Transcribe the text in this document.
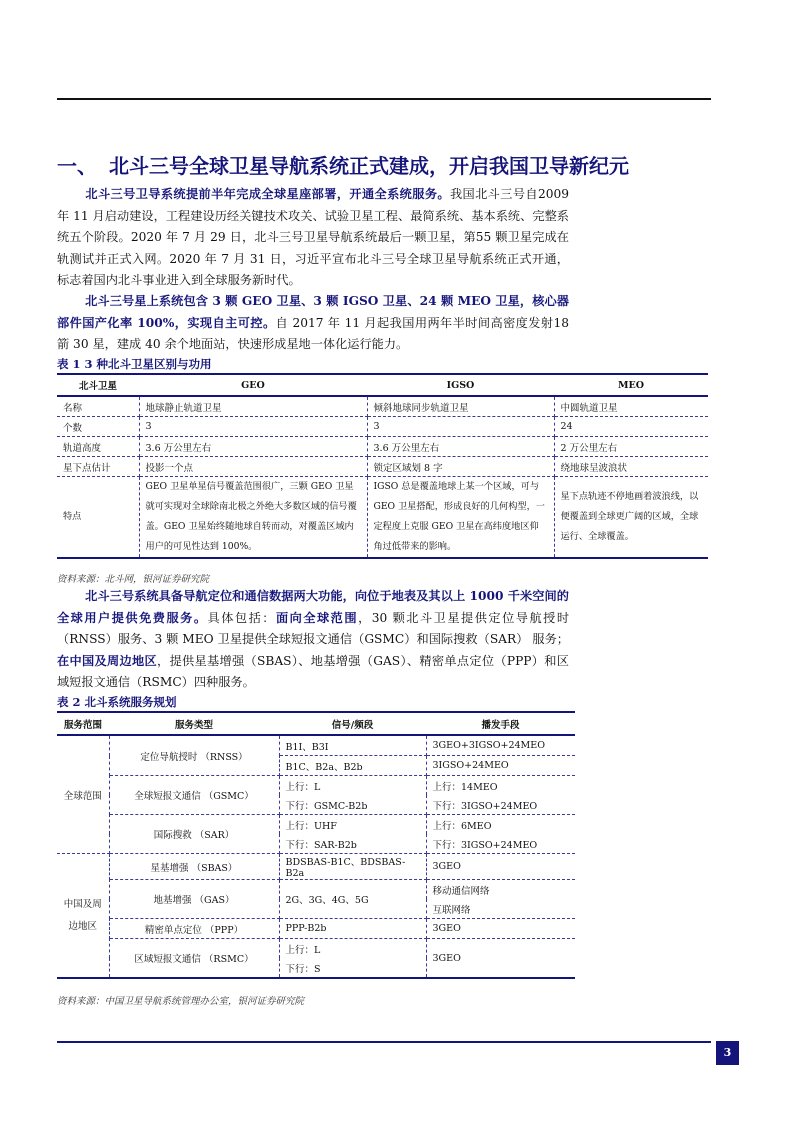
一、 北斗三号全球卫星导航系统正式建成，开启我国卫导新纪元

北斗三号卫导系统提前半年完成全球星座部署，开通全系统服务。我国北斗三号自2009 年 11 月启动建设，工程建设历经关键技术攻关、试验卫星工程、最简系统、基本系统、完整系统五个阶段。2020 年 7 月 29 日，北斗三号卫星导航系统最后一颗卫星，第55 颗卫星完成在轨测试并正式入网。2020 年 7 月 31 日，习近平宣布北斗三号全球卫星导航系统正式开通，标志着国内北斗事业进入到全球服务新时代。

北斗三号星上系统包含 3 颗 GEO 卫星、3 颗 IGSO 卫星、24 颗 MEO 卫星，核心器部件国产化率 100%，实现自主可控。自 2017 年 11 月起我国用两年半时间高密度发射18 箭 30 星，建成 40 余个地面站，快速形成星地一体化运行能力。

表 1 3 种北斗卫星区别与功用
北斗卫星	GEO	IGSO	MEO
名称	地球静止轨道卫星	倾斜地球同步轨道卫星	中圆轨道卫星
个数	3	3	24
轨道高度	3.6 万公里左右	3.6 万公里左右	2 万公里左右
星下点估计	投影一个点	锁定区域划 8 字	绕地球呈波浪状
特点	GEO 卫星单星信号覆盖范围很广，三颗 GEO 卫星就可实现对全球除南北极之外绝大多数区域的信号覆盖。GEO 卫星始终随地球自转而动，对覆盖区域内用户的可见性达到 100%。	IGSO 总是覆盖地球上某一个区域，可与 GEO 卫星搭配，形成良好的几何构型，一定程度上克服 GEO 卫星在高纬度地区仰角过低带来的影响。	星下点轨迹不停地画着波浪线，以便覆盖到全球更广阔的区域，全球运行、全球覆盖。
资料来源：北斗网，银河证券研究院

北斗三号系统具备导航定位和通信数据两大功能，向位于地表及其以上 1000 千米空间的全球用户提供免费服务。具体包括：面向全球范围，30 颗北斗卫星提供定位导航授时（RNSS）服务、3 颗 MEO 卫星提供全球短报文通信（GSMC）和国际搜救（SAR） 服务；在中国及周边地区，提供星基增强（SBAS）、地基增强（GAS）、精密单点定位（PPP）和区域短报文通信（RSMC）四种服务。

表 2 北斗系统服务规划
服务范围	服务类型	信号/频段	播发手段
全球范围	定位导航授时 （RNSS）	B1I、B3I	3GEO+3IGSO+24MEO
		B1C、B2a、B2b	3IGSO+24MEO
	全球短报文通信 （GSMC）	上行：L	上行：14MEO
		下行：GSMC-B2b	下行：3IGSO+24MEO
	国际搜救 （SAR）	上行：UHF	上行：6MEO
		下行：SAR-B2b	下行：3IGSO+24MEO
中国及周边地区	星基增强 （SBAS）	BDSBAS-B1C、BDSBAS-B2a	3GEO
	地基增强 （GAS）	2G、3G、4G、5G	移动通信网络
			互联网络
	精密单点定位 （PPP）	PPP-B2b	3GEO
	区域短报文通信 （RSMC）	上行：L	3GEO
		下行：S	
资料来源：中国卫星导航系统管理办公室，银河证券研究院
3
